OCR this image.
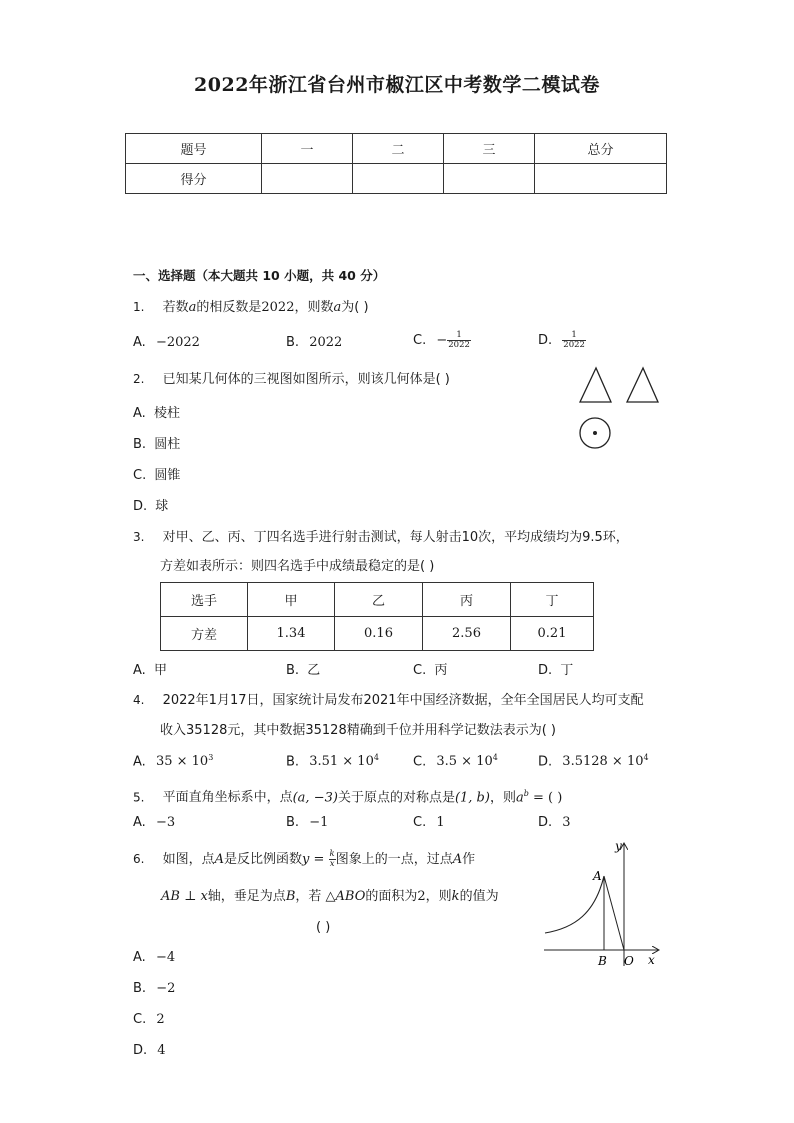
2022年浙江省台州市椒江区中考数学二模试卷
题号	一	二	三	总分
得分				
一、选择题（本大题共 10 小题，共 40 分）
1. 若数a的相反数是2022，则数a为( )
A. −2022	B. 2022	C. − $\frac{1}{2022}$	D. $\frac{1}{2022}$
2. 已知某几何体的三视图如图所示，则该几何体是( )
A. 棱柱
B. 圆柱
C. 圆锥
D. 球
3. 对甲、乙、丙、丁四名选手进行射击测试，每人射击10次，平均成绩均为9.5环，
方差如表所示：则四名选手中成绩最稳定的是( )
选手	甲	乙	丙	丁
方差	1.34	0.16	2.56	0.21
A. 甲	B. 乙	C. 丙	D. 丁
4. 2022年1月17日，国家统计局发布2021年中国经济数据，全年全国居民人均可支配
收入35128元，其中数据35128精确到千位并用科学记数法表示为( )
A. $35 \times 10^3$	B. $3.51 \times 10^4$	C. $3.5 \times 10^4$	D. $3.5128 \times 10^4$
5. 平面直角坐标系中，点(a, −3)关于原点的对称点是(1, b)，则$a^b$ = ( )
A. −3	B. −1	C. 1	D. 3
6. 如图，点A是反比例函数$y = \frac{k}{x}$ 图象上的一点，过点A作
AB ⊥ x轴，垂足为点B，若 △ABO的面积为2，则k的值为
( )
y
A
B O x
A. −4
B. −2
C. 2
D. 4
